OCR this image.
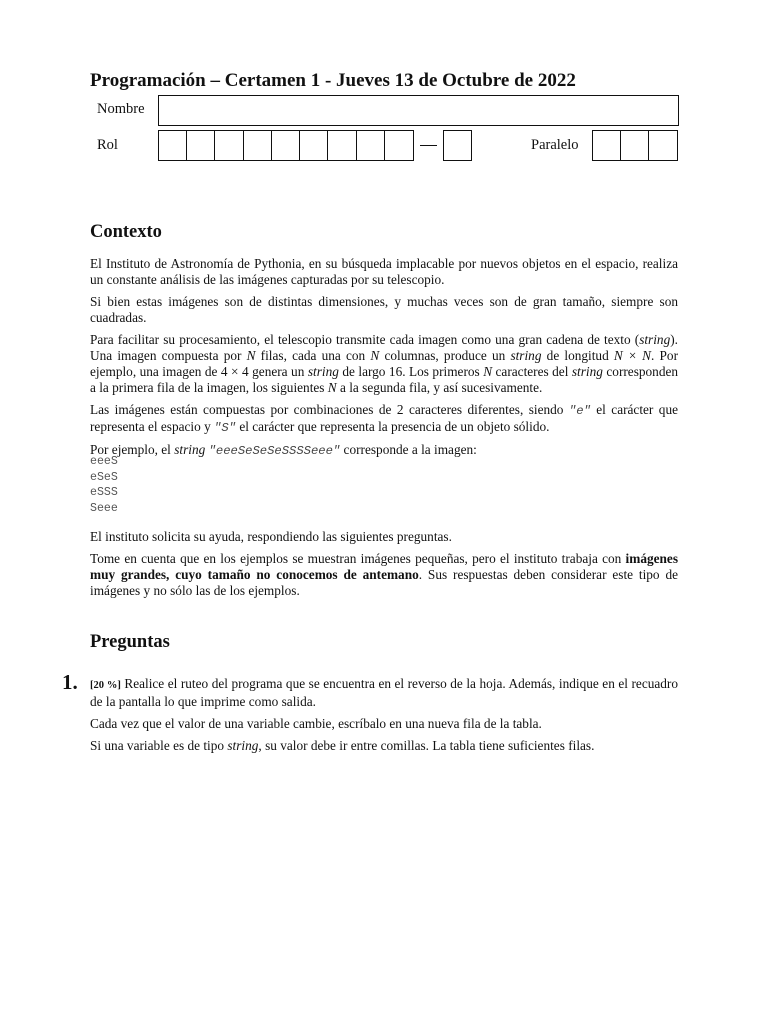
Programación – Certamen 1 - Jueves 13 de Octubre de 2022
Nombre
Rol	Paralelo
Contexto

El Instituto de Astronomía de Pythonia, en su búsqueda implacable por nuevos objetos en el espacio, realiza un constante análisis de las imágenes capturadas por su telescopio.

Si bien estas imágenes son de distintas dimensiones, y muchas veces son de gran tamaño, siempre son cuadradas.

Para facilitar su procesamiento, el telescopio transmite cada imagen como una gran cadena de texto (string). Una imagen compuesta por N filas, cada una con N columnas, produce un string de longitud N × N. Por ejemplo, una imagen de 4 × 4 genera un string de largo 16. Los primeros N caracteres del string corresponden a la primera fila de la imagen, los siguientes N a la segunda fila, y así sucesivamente.

Las imágenes están compuestas por combinaciones de 2 caracteres diferentes, siendo "e" el carácter que representa el espacio y "S" el carácter que representa la presencia de un objeto sólido.

Por ejemplo, el string "eeeSeSeSeSSSSeee" corresponde a la imagen:

eeeS
eSeS
eSSS
Seee

El instituto solicita su ayuda, respondiendo las siguientes preguntas.

Tome en cuenta que en los ejemplos se muestran imágenes pequeñas, pero el instituto trabaja con imágenes muy grandes, cuyo tamaño no conocemos de antemano. Sus respuestas deben considerar este tipo de imágenes y no sólo las de los ejemplos.

Preguntas
1. [20 %] Realice el ruteo del programa que se encuentra en el reverso de la hoja. Además, indique en el recuadro de la pantalla lo que imprime como salida.

Cada vez que el valor de una variable cambie, escríbalo en una nueva fila de la tabla.

Si una variable es de tipo string, su valor debe ir entre comillas. La tabla tiene suficientes filas.
